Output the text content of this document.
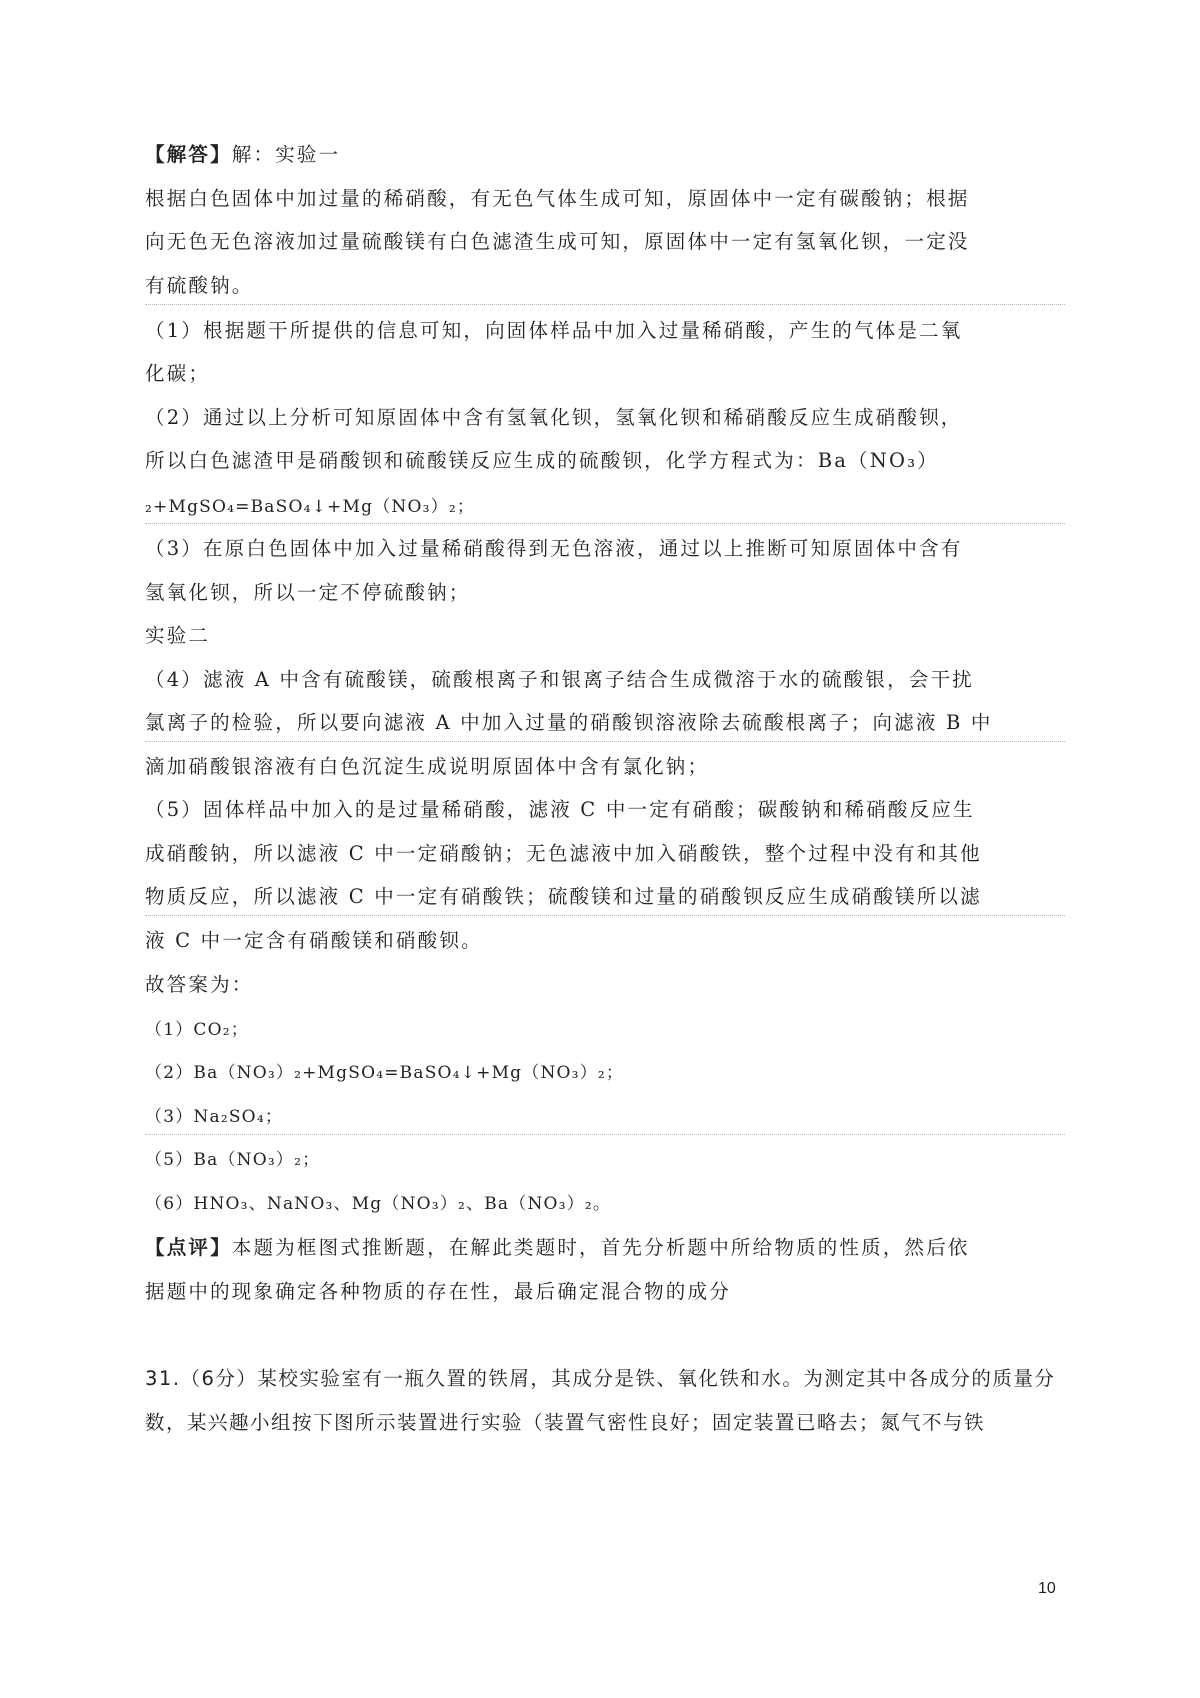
【解答】解：实验一
根据白色固体中加过量的稀硝酸，有无色气体生成可知，原固体中一定有碳酸钠；根据
向无色无色溶液加过量硫酸镁有白色滤渣生成可知，原固体中一定有氢氧化钡，一定没
有硫酸钠。
（1）根据题干所提供的信息可知，向固体样品中加入过量稀硝酸，产生的气体是二氧
化碳；
（2）通过以上分析可知原固体中含有氢氧化钡，氢氧化钡和稀硝酸反应生成硝酸钡，
所以白色滤渣甲是硝酸钡和硫酸镁反应生成的硫酸钡，化学方程式为：Ba（NO₃）
₂+MgSO₄=BaSO₄↓+Mg（NO₃）₂；
（3）在原白色固体中加入过量稀硝酸得到无色溶液，通过以上推断可知原固体中含有
氢氧化钡，所以一定不停硫酸钠；
实验二
（4）滤液 A 中含有硫酸镁，硫酸根离子和银离子结合生成微溶于水的硫酸银，会干扰
氯离子的检验，所以要向滤液 A 中加入过量的硝酸钡溶液除去硫酸根离子；向滤液 B 中
滴加硝酸银溶液有白色沉淀生成说明原固体中含有氯化钠；
（5）固体样品中加入的是过量稀硝酸，滤液 C 中一定有硝酸；碳酸钠和稀硝酸反应生
成硝酸钠，所以滤液 C 中一定硝酸钠；无色滤液中加入硝酸铁，整个过程中没有和其他
物质反应，所以滤液 C 中一定有硝酸铁；硫酸镁和过量的硝酸钡反应生成硝酸镁所以滤
液 C 中一定含有硝酸镁和硝酸钡。
故答案为：
（1）CO₂；
（2）Ba（NO₃）₂+MgSO₄=BaSO₄↓+Mg（NO₃）₂；
（3）Na₂SO₄；
（5）Ba（NO₃）₂；
（6）HNO₃、NaNO₃、Mg（NO₃）₂、Ba（NO₃）₂。
【点评】本题为框图式推断题，在解此类题时，首先分析题中所给物质的性质，然后依
据题中的现象确定各种物质的存在性，最后确定混合物的成分
31.（6分）某校实验室有一瓶久置的铁屑，其成分是铁、氧化铁和水。为测定其中各成分的质量分
数，某兴趣小组按下图所示装置进行实验（装置气密性良好；固定装置已略去；氮气不与铁
10
